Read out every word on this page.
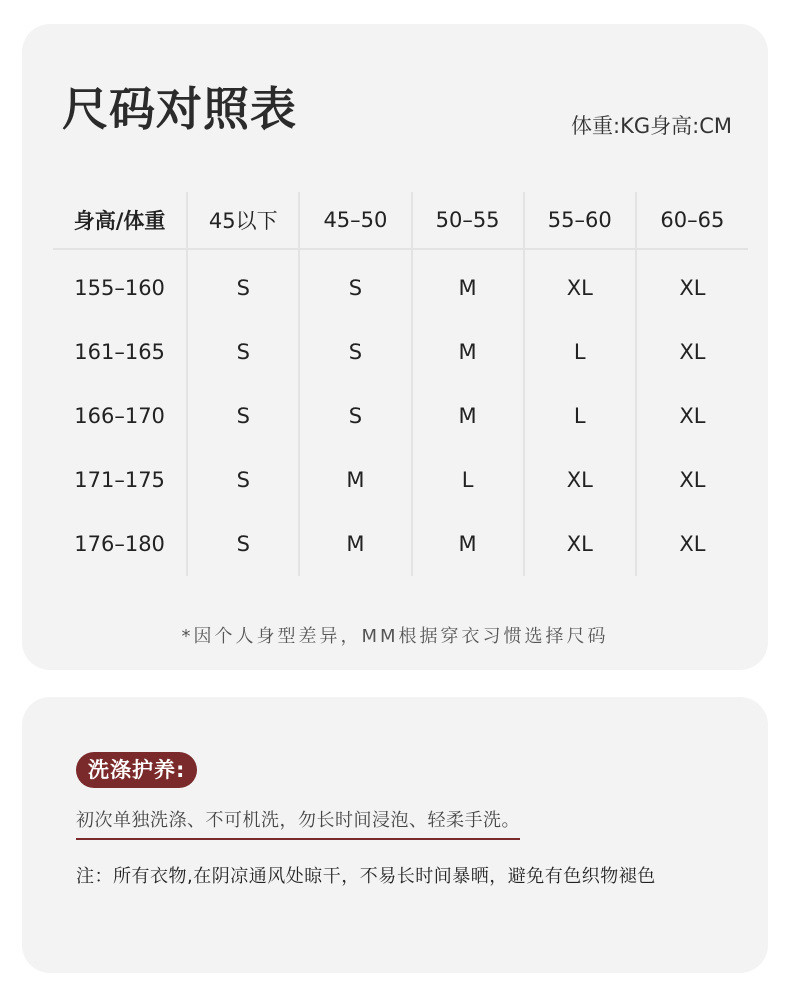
尺码对照表	体重:KG身高:CM
身高/体重	45以下	45–50	50–55	55–60	60–65
155–160	S	S	M	XL	XL
161–165	S	S	M	L	XL
166–170	S	S	M	L	XL
171–175	S	M	L	XL	XL
176–180	S	M	M	XL	XL
*因个人身型差异，MM根据穿衣习惯选择尺码
洗涤护养:
初次单独洗涤、不可机洗，勿长时间浸泡、轻柔手洗。
注：所有衣物,在阴凉通风处晾干，不易长时间暴晒，避免有色织物褪色
